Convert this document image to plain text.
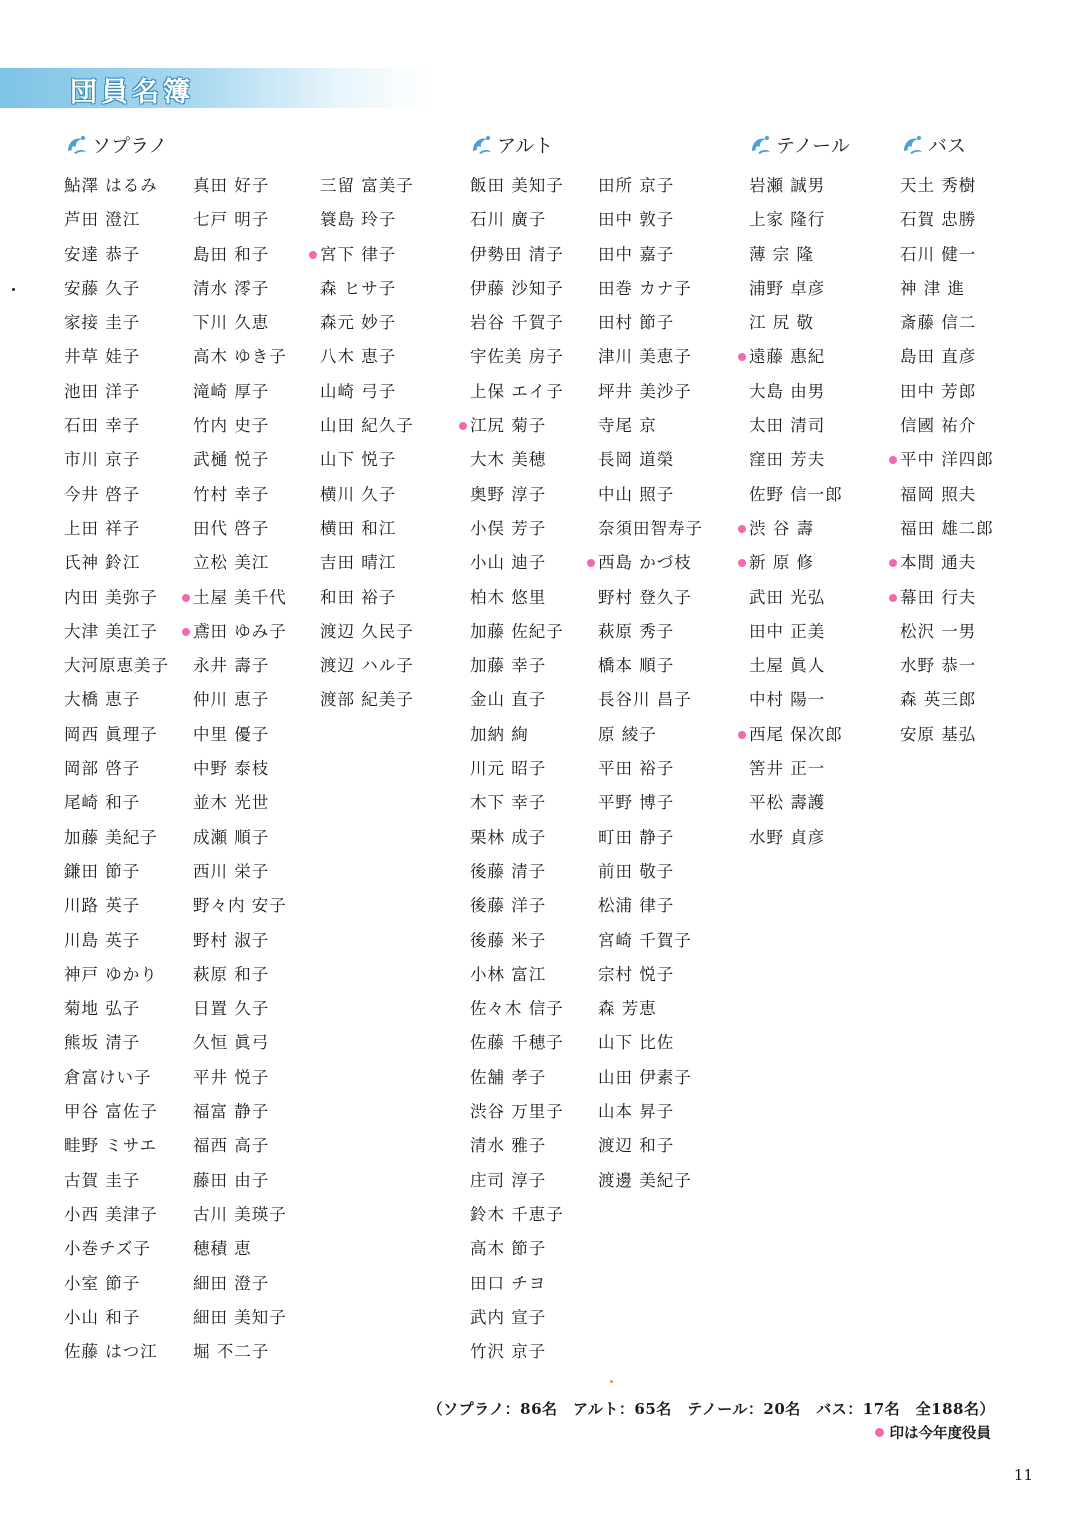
団員名簿
ソプラノ	アルト	テノール	バス
鮎澤 はるみ
芦田 澄江
安達 恭子
安藤 久子
家接 圭子
井草 娃子
池田 洋子
石田 幸子
市川 京子
今井 啓子
上田 祥子
氏神 鈴江
内田 美弥子
大津 美江子
大河原恵美子
大橋 恵子
岡西 眞理子
岡部 啓子
尾崎 和子
加藤 美紀子
鎌田 節子
川路 英子
川島 英子
神戸 ゆかり
菊地 弘子
熊坂 清子
倉富けい子
甲谷 富佐子
畦野 ミサエ
古賀 圭子
小西 美津子
小巻チズ子
小室 節子
小山 和子
佐藤 はつ江
真田 好子
七戸 明子
島田 和子
清水 澪子
下川 久恵
高木 ゆき子
滝崎 厚子
竹内 史子
武樋 悦子
竹村 幸子
田代 啓子
立松 美江
土屋 美千代
鳶田 ゆみ子
永井 壽子
仲川 恵子
中里 優子
中野 泰枝
並木 光世
成瀬 順子
西川 栄子
野々内 安子
野村 淑子
萩原 和子
日置 久子
久恒 眞弓
平井 悦子
福富 静子
福西 高子
藤田 由子
古川 美瑛子
穂積 恵
細田 澄子
細田 美知子
堀 不二子
三留 富美子
簑島 玲子
宮下 律子
森 ヒサ子
森元 妙子
八木 恵子
山崎 弓子
山田 紀久子
山下 悦子
横川 久子
横田 和江
吉田 晴江
和田 裕子
渡辺 久民子
渡辺 ハル子
渡部 紀美子
飯田 美知子
石川 廣子
伊勢田 清子
伊藤 沙知子
岩谷 千賀子
宇佐美 房子
上保 エイ子
江尻 菊子
大木 美穂
奥野 淳子
小俣 芳子
小山 迪子
柏木 悠里
加藤 佐紀子
加藤 幸子
金山 直子
加納 絢
川元 昭子
木下 幸子
栗林 成子
後藤 清子
後藤 洋子
後藤 米子
小林 富江
佐々木 信子
佐藤 千穂子
佐舗 孝子
渋谷 万里子
清水 雅子
庄司 淳子
鈴木 千恵子
高木 節子
田口 チヨ
武内 宣子
竹沢 京子
田所 京子
田中 敦子
田中 嘉子
田巻 カナ子
田村 節子
津川 美恵子
坪井 美沙子
寺尾 京
長岡 道榮
中山 照子
奈須田智寿子
西島 かづ枝
野村 登久子
萩原 秀子
橋本 順子
長谷川 昌子
原 綾子
平田 裕子
平野 博子
町田 静子
前田 敬子
松浦 律子
宮崎 千賀子
宗村 悦子
森 芳恵
山下 比佐
山田 伊素子
山本 昇子
渡辺 和子
渡邊 美紀子
岩瀬 誠男
上家 隆行
薄 宗 隆
浦野 卓彦
江 尻 敬
遠藤 惠紀
大島 由男
太田 清司
窪田 芳夫
佐野 信一郎
渋 谷 壽
新 原 修
武田 光弘
田中 正美
土屋 眞人
中村 陽一
西尾 保次郎
筈井 正一
平松 壽護
水野 貞彦
天土 秀樹
石賀 忠勝
石川 健一
神 津 進
斎藤 信二
島田 直彦
田中 芳郎
信國 祐介
平中 洋四郎
福岡 照夫
福田 雄二郎
本間 通夫
幕田 行夫
松沢 一男
水野 恭一
森 英三郎
安原 基弘
（ソプラノ：86名　アルト：65名　テノール：20名　バス：17名　全188名）
印は今年度役員
11
